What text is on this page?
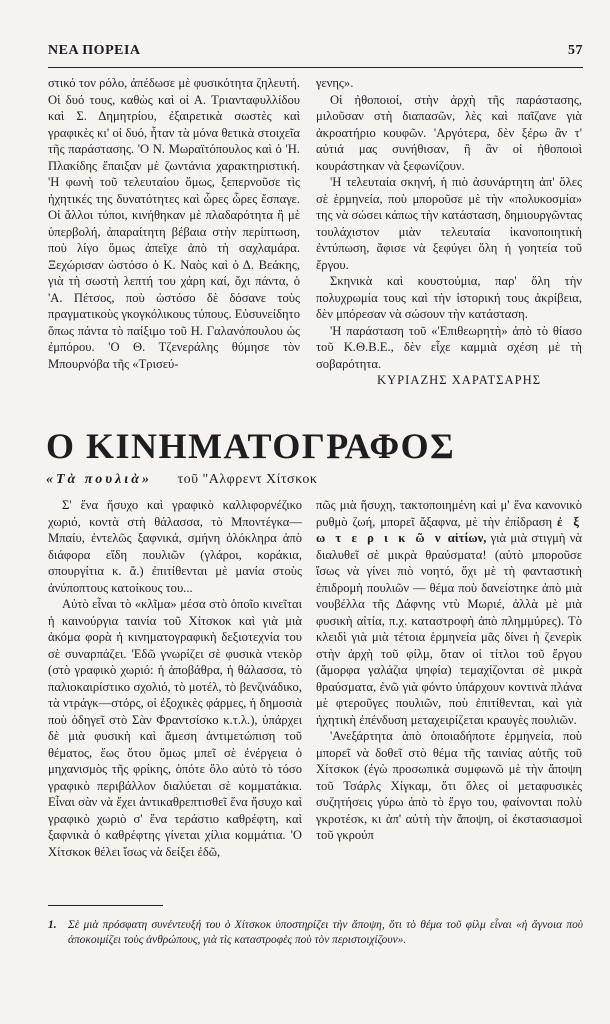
ΝΕΑ ΠΟΡΕΙΑ	57

στικό τον ρόλο, ἀπέδωσε μὲ φυσικότητα ζηλευτή. Οἱ δυό τους, καθὼς καὶ οἱ Α. Τριανταφυλλίδου καὶ Σ. Δημητρίου, ἐξαιρετικὰ σωστὲς καὶ γραφικὲς κι' οἱ δυό, ἦταν τὰ μόνα θετικὰ στοιχεῖα τῆς παράστασης. 'Ο Ν. Μωραϊτόπουλος καὶ ὁ 'Η. Πλακίδης ἔπαιξαν μὲ ζωντάνια χαρακτηριστική. 'Η φωνὴ τοῦ τελευταίου ὅμως, ξεπερνοῦσε τὶς ἠχητικές της δυνατότητες καὶ ὧρες ὧρες ἔσπαγε. Οἱ ἄλλοι τύποι, κινήθηκαν μὲ πλαδαρότητα ἢ μὲ ὑπερβολή, ἀπαραίτητη βέβαια στὴν περίπτωση, ποὺ λίγο ὅμως ἀπεῖχε ἀπὸ τὴ σαχλαμάρα. Ξεχώρισαν ὡστόσο ὁ Κ. Ναὸς καὶ ὁ Δ. Βεάκης, γιὰ τὴ σωστὴ λεπτή του χάρη καί, ὄχι πάντα, ὁ 'Α. Πέτσος, ποὺ ὡστόσο δὲ δόσανε τοὺς πραγματικοὺς γκογκόλικους τύπους. Εὐσυνείδητο ὅπως πάντα τὸ παίξιμο τοῦ Η. Γαλανόπουλου ὡς ἐμπόρου. 'Ο Θ. Τζενεράλης θύμησε τὸν Μπουρνόβα τῆς «Τρισεύ-

γενης».

Οἱ ἠθοποιοί, στὴν ἀρχὴ τῆς παράστασης, μιλοῦσαν στὴ διαπασῶν, λὲς καὶ παῖζανε γιὰ ἀκροατήριο κουφῶν. 'Αργότερα, δὲν ξέρω ἂν τ' αὐτιά μας συνήθισαν, ἢ ἂν οἱ ἠθοποιοὶ κουράστηκαν νὰ ξεφωνίζουν.

'Η τελευταία σκηνή, ἡ πιὸ ἀσυνάρτητη ἀπ' ὅλες σὲ ἑρμηνεία, ποὺ μποροῦσε μὲ τὴν «πολυκοσμία» της νὰ σώσει κάπως τὴν κατάσταση, δημιουργῶντας τουλάχιστον μιὰν τελευταία ἱκανοποιητικὴ ἐντύπωση, ἄφισε νὰ ξεφύγει ὅλη ἡ γοητεία τοῦ ἔργου.

Σκηνικὰ καὶ κουστούμια, παρ' ὅλη τὴν πολυχρωμία τους καὶ τὴν ἱστορική τους ἀκρίβεια, δὲν μπόρεσαν νὰ σώσουν τὴν κατάσταση.

'Η παράσταση τοῦ «'Επιθεωρητὴ» ἀπὸ τὸ θίασο τοῦ Κ.Θ.Β.Ε., δὲν εἶχε καμμιὰ σχέση μὲ τὴ σοβαρότητα.

ΚΥΡΙΑΖΗΣ ΧΑΡΑΤΣΑΡΗΣ

Ο ΚΙΝΗΜΑΤΟΓΡΑΦΟΣ
«Τὰ πουλιὰ» τοῦ "Αλφρεντ Χίτσκοκ

Σ' ἕνα ἥσυχο καὶ γραφικὸ καλλιφορνέζικο χωριό, κοντὰ στὴ θάλασσα, τὸ Μποντέγκα—Μπαίυ, ἐντελῶς ξαφνικά, σμήνη ὁλόκληρα ἀπὸ διάφορα εἴδη πουλιῶν (γλάροι, κοράκια, σπουργίτια κ. ἄ.) ἐπιτίθενται μὲ μανία στοὺς ἀνύποπτους κατοίκους του...

Αὐτὸ εἶναι τὸ «κλῖμα» μέσα στὸ ὁποῖο κινεῖται ἡ καινούργια ταινία τοῦ Χίτσκοκ καὶ γιὰ μιὰ ἀκόμα φορὰ ἡ κινηματογραφικὴ δεξιοτεχνία του σὲ συναρπάζει. 'Εδῶ γνωρίζει σὲ φυσικὰ ντεκὸρ (στὸ γραφικὸ χωριό: ἡ ἀποβάθρα, ἡ θάλασσα, τὸ παλιοκαιρίστικο σχολιό, τὸ μοτέλ, τὸ βενζινάδικο, τὰ ντράγκ—στόρς, οἱ ἐξοχικὲς φάρμες, ἡ δημοσιὰ ποὺ ὁδηγεῖ στὸ Σὰν Φραντσίσκο κ.τ.λ.), ὑπάρχει δὲ μιὰ φυσικὴ καὶ ἄμεση ἀντιμετώπιση τοῦ θέματος, ἕως ὅτου ὅμως μπεῖ σὲ ἐνέργεια ὁ μηχανισμὸς τῆς φρίκης, ὁπότε ὅλο αὐτὸ τὸ τόσο γραφικὸ περιβάλλον διαλύεται σὲ κομματάκια. Εἶναι σὰν νὰ ἔχει ἀντικαθρεπτισθεῖ ἕνα ἥσυχο καὶ γραφικὸ χωριὸ σ' ἕνα τεράστιο καθρέφτη, καὶ ξαφνικὰ ὁ καθρέφτης γίνεται χίλια κομμάτια. 'Ο Χίτσκοκ θέλει ἴσως νὰ δείξει ἐδῶ,

πῶς μιὰ ἥσυχη, τακτοποιημένη καὶ μ' ἕνα κανονικὸ ρυθμὸ ζωή, μπορεῖ ἄξαφνα, μὲ τὴν ἐπίδραση ἐ ξ ω τ ε ρ ι κ ῶ ν αἰτίων, γιὰ μιὰ στιγμὴ νὰ διαλυθεῖ σὲ μικρὰ θραύσματα! (αὐτὸ μποροῦσε ἴσως νὰ γίνει πιὸ νοητό, ὄχι μὲ τὴ φανταστικὴ ἐπιδρομὴ πουλιῶν — θέμα ποὺ δανείστηκε ἀπὸ μιὰ νουβέλλα τῆς Δάφνης ντὺ Μωριέ, ἀλλὰ μὲ μιὰ φυσικὴ αἰτία, π.χ. καταστροφὴ ἀπὸ πλημμύρες). Τὸ κλειδὶ γιὰ μιὰ τέτοια ἑρμηνεία μᾶς δίνει ἡ ζενερὶκ στὴν ἀρχὴ τοῦ φίλμ, ὅταν οἱ τίτλοι τοῦ ἔργου (ἄμορφα γαλάζια ψηφία) τεμαχίζονται σὲ μικρὰ θραύσματα, ἐνῶ γιὰ φόντο ὑπάρχουν κοντινὰ πλάνα μὲ φτεροῦγες πουλιῶν, ποὺ ἐπιτίθενται, καὶ γιὰ ἠχητικὴ ἐπένδυση μεταχειρίζεται κραυγὲς πουλιῶν.

'Ανεξάρτητα ἀπὸ ὁποιαδήποτε ἑρμηνεία, ποὺ μπορεῖ νὰ δοθεῖ στὸ θέμα τῆς ταινίας αὐτῆς τοῦ Χίτσκοκ (ἐγὼ προσωπικὰ συμφωνῶ μὲ τὴν ἄποψη τοῦ Τσάρλς Χίγκαμ, ὅτι ὅλες οἱ μεταφυσικὲς συζητήσεις γύρω ἀπὸ τὸ ἔργο του, φαίνονται πολὺ γκροτέσκ, κι ἀπ' αὐτὴ τὴν ἄποψη, οἱ ἐκστασιασμοὶ τοῦ γκρούπ

1.	Σὲ μιὰ πρόσφατη συνέντευξή του ὁ Χίτσκοκ ὑποστηρίζει τὴν ἄποψη, ὅτι τὸ θέμα τοῦ φίλμ εἶναι «ἡ ἄγνοια ποὺ ἀποκοιμίζει τοὺς ἀνθρώπους, γιὰ τὶς καταστροφὲς ποὺ τὸν περιστοιχίζουν».
